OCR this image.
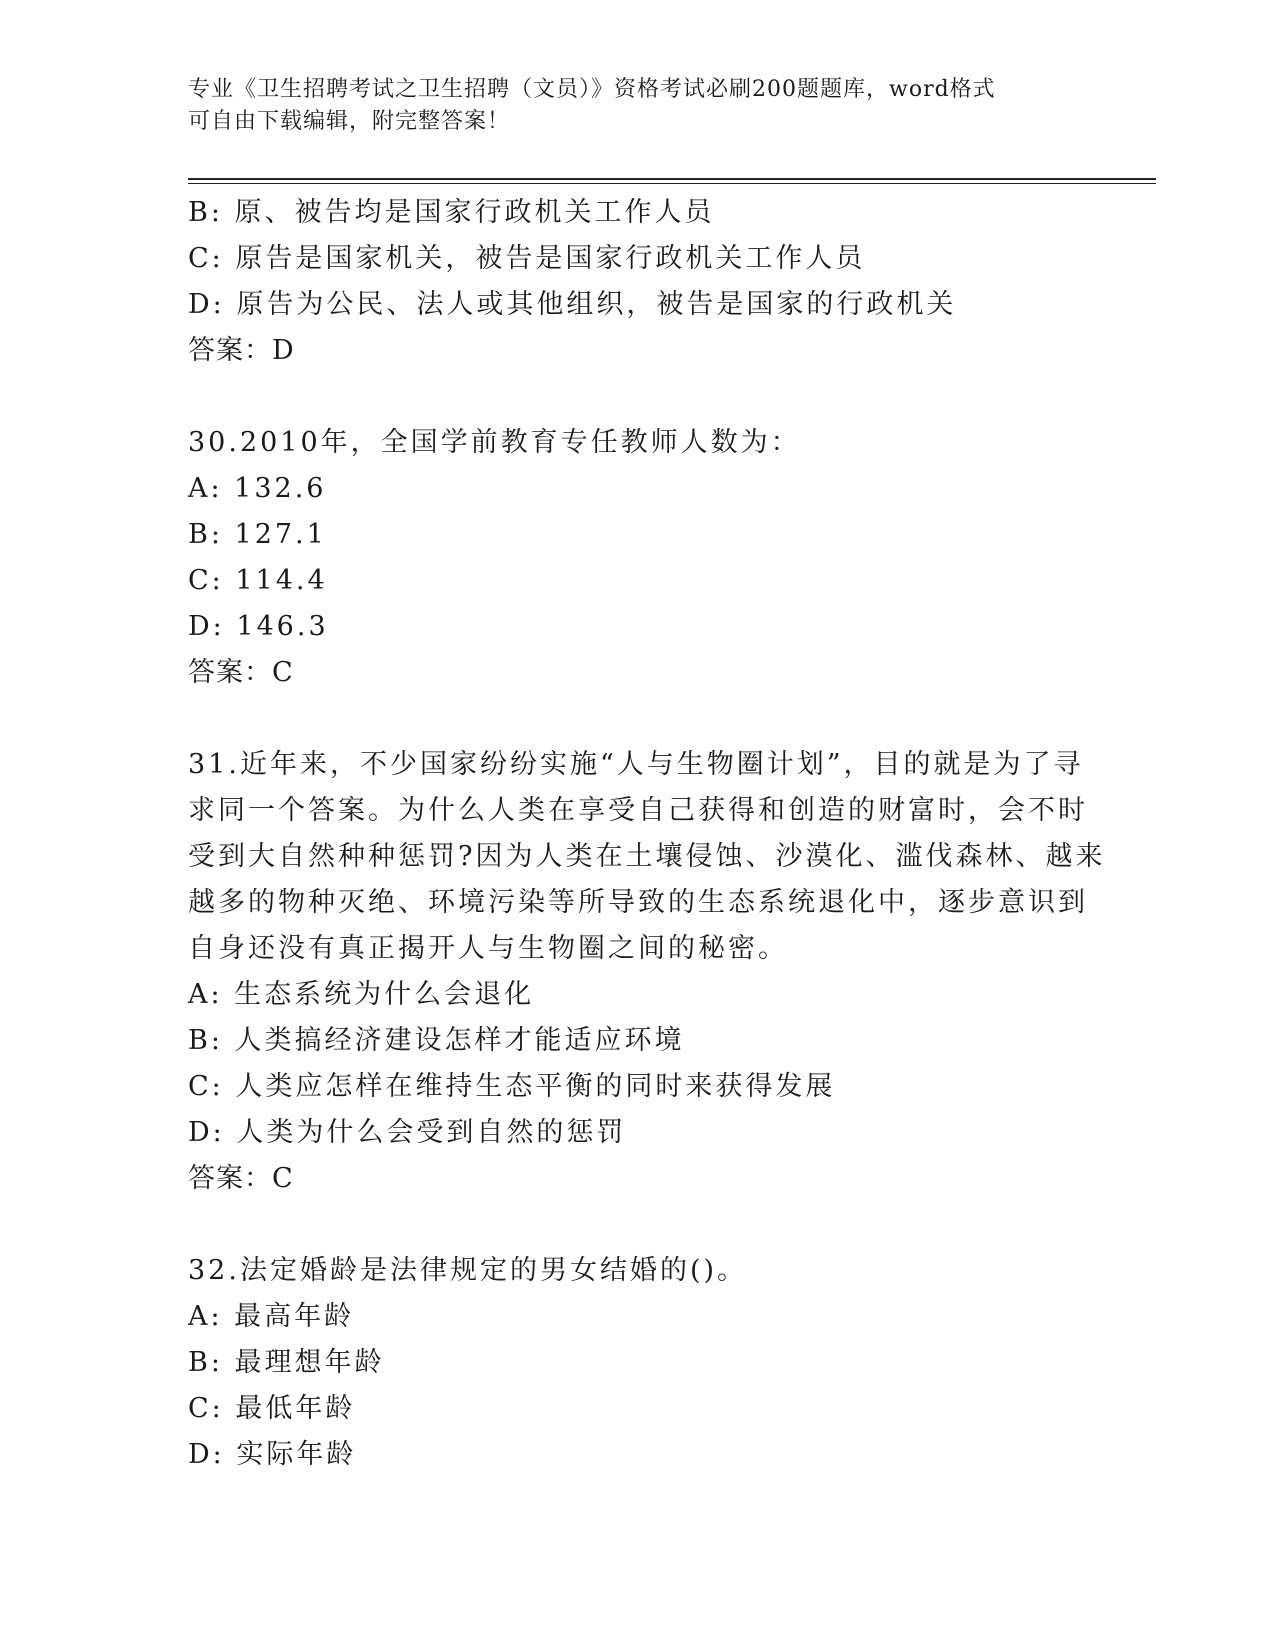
专业《卫生招聘考试之卫生招聘（文员）》资格考试必刷200题题库，word格式
可自由下载编辑，附完整答案！
B: 原、被告均是国家行政机关工作人员
C: 原告是国家机关，被告是国家行政机关工作人员
D: 原告为公民、法人或其他组织，被告是国家的行政机关
答案：D
30.2010年，全国学前教育专任教师人数为：
A: 132.6
B: 127.1
C: 114.4
D: 146.3
答案：C
31.近年来，不少国家纷纷实施“人与生物圈计划”，目的就是为了寻
求同一个答案。为什么人类在享受自己获得和创造的财富时，会不时
受到大自然种种惩罚?因为人类在土壤侵蚀、沙漠化、滥伐森林、越来
越多的物种灭绝、环境污染等所导致的生态系统退化中，逐步意识到
自身还没有真正揭开人与生物圈之间的秘密。
A: 生态系统为什么会退化
B: 人类搞经济建设怎样才能适应环境
C: 人类应怎样在维持生态平衡的同时来获得发展
D: 人类为什么会受到自然的惩罚
答案：C
32.法定婚龄是法律规定的男女结婚的()。
A: 最高年龄
B: 最理想年龄
C: 最低年龄
D: 实际年龄
